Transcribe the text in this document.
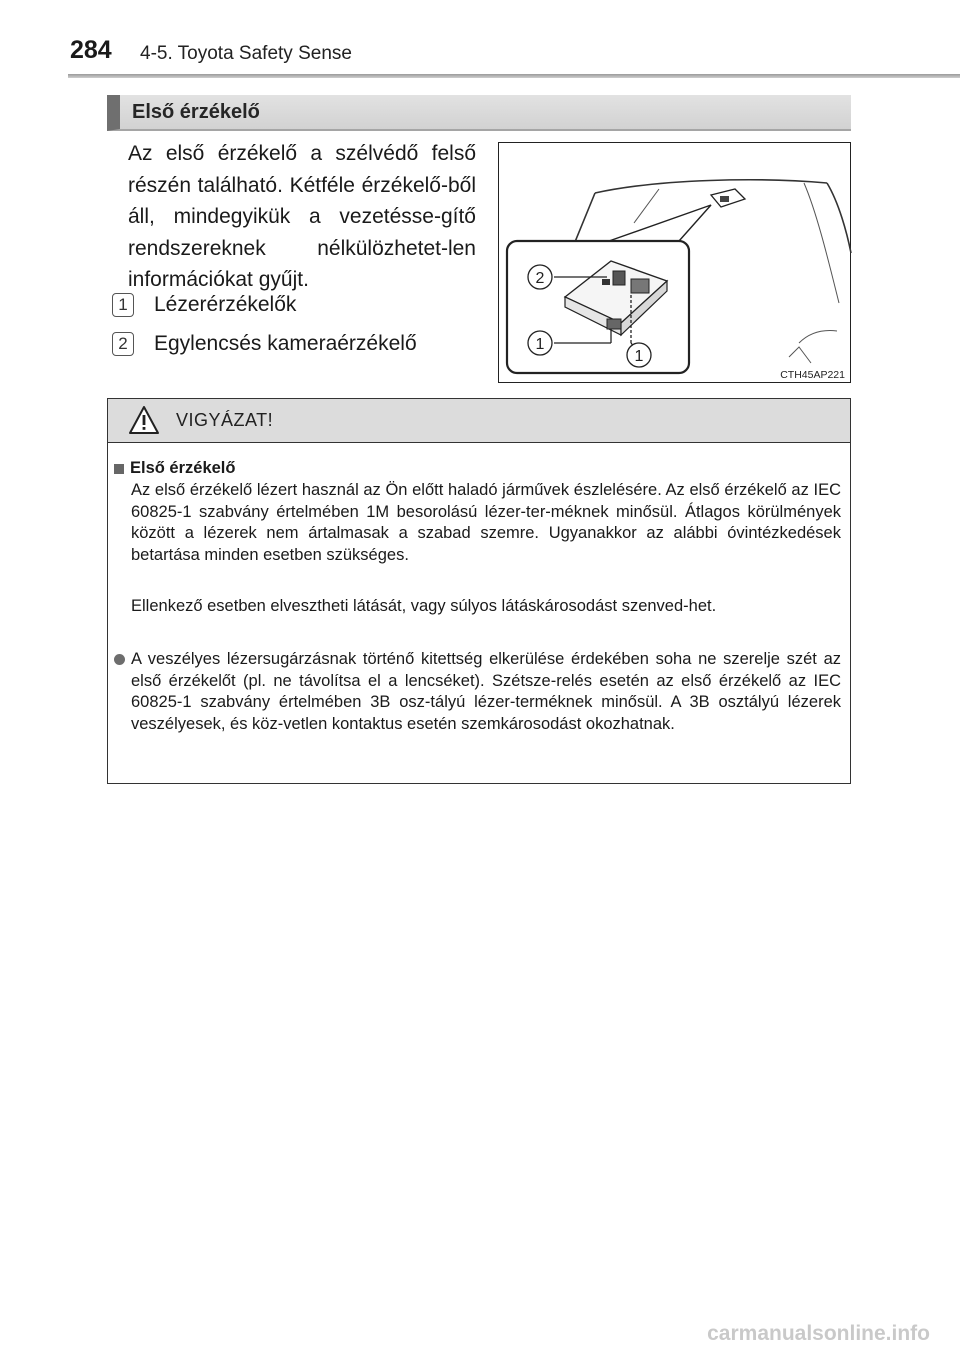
284 4-5. Toyota Safety Sense
Első érzékelő

Az első érzékelő a szélvédő felső részén található. Kétféle érzékelő-ből áll, mindegyikük a vezetésse-gítő rendszereknek nélkülözhetet-len információkat gyűjt.

1 Lézerérzékelők
2 Egylencsés kameraérzékelő
2
1
1
CTH45AP221
VIGYÁZAT!
Első érzékelő

Az első érzékelő lézert használ az Ön előtt haladó járművek észlelésére. Az első érzékelő az IEC 60825-1 szabvány értelmében 1M besorolású lézer-ter-méknek minősül. Átlagos körülmények között a lézerek nem ártalmasak a szabad szemre. Ugyanakkor az alábbi óvintézkedések betartása minden esetben szükséges.

Ellenkező esetben elvesztheti látását, vagy súlyos látáskárosodást szenved-het.

A veszélyes lézersugárzásnak történő kitettség elkerülése érdekében soha ne szerelje szét az első érzékelőt (pl. ne távolítsa el a lencséket). Szétsze-relés esetén az első érzékelő az IEC 60825-1 szabvány értelmében 3B osz-tályú lézer-terméknek minősül. A 3B osztályú lézerek veszélyesek, és köz-vetlen kontaktus esetén szemkárosodást okozhatnak.

carmanualsonline.info
